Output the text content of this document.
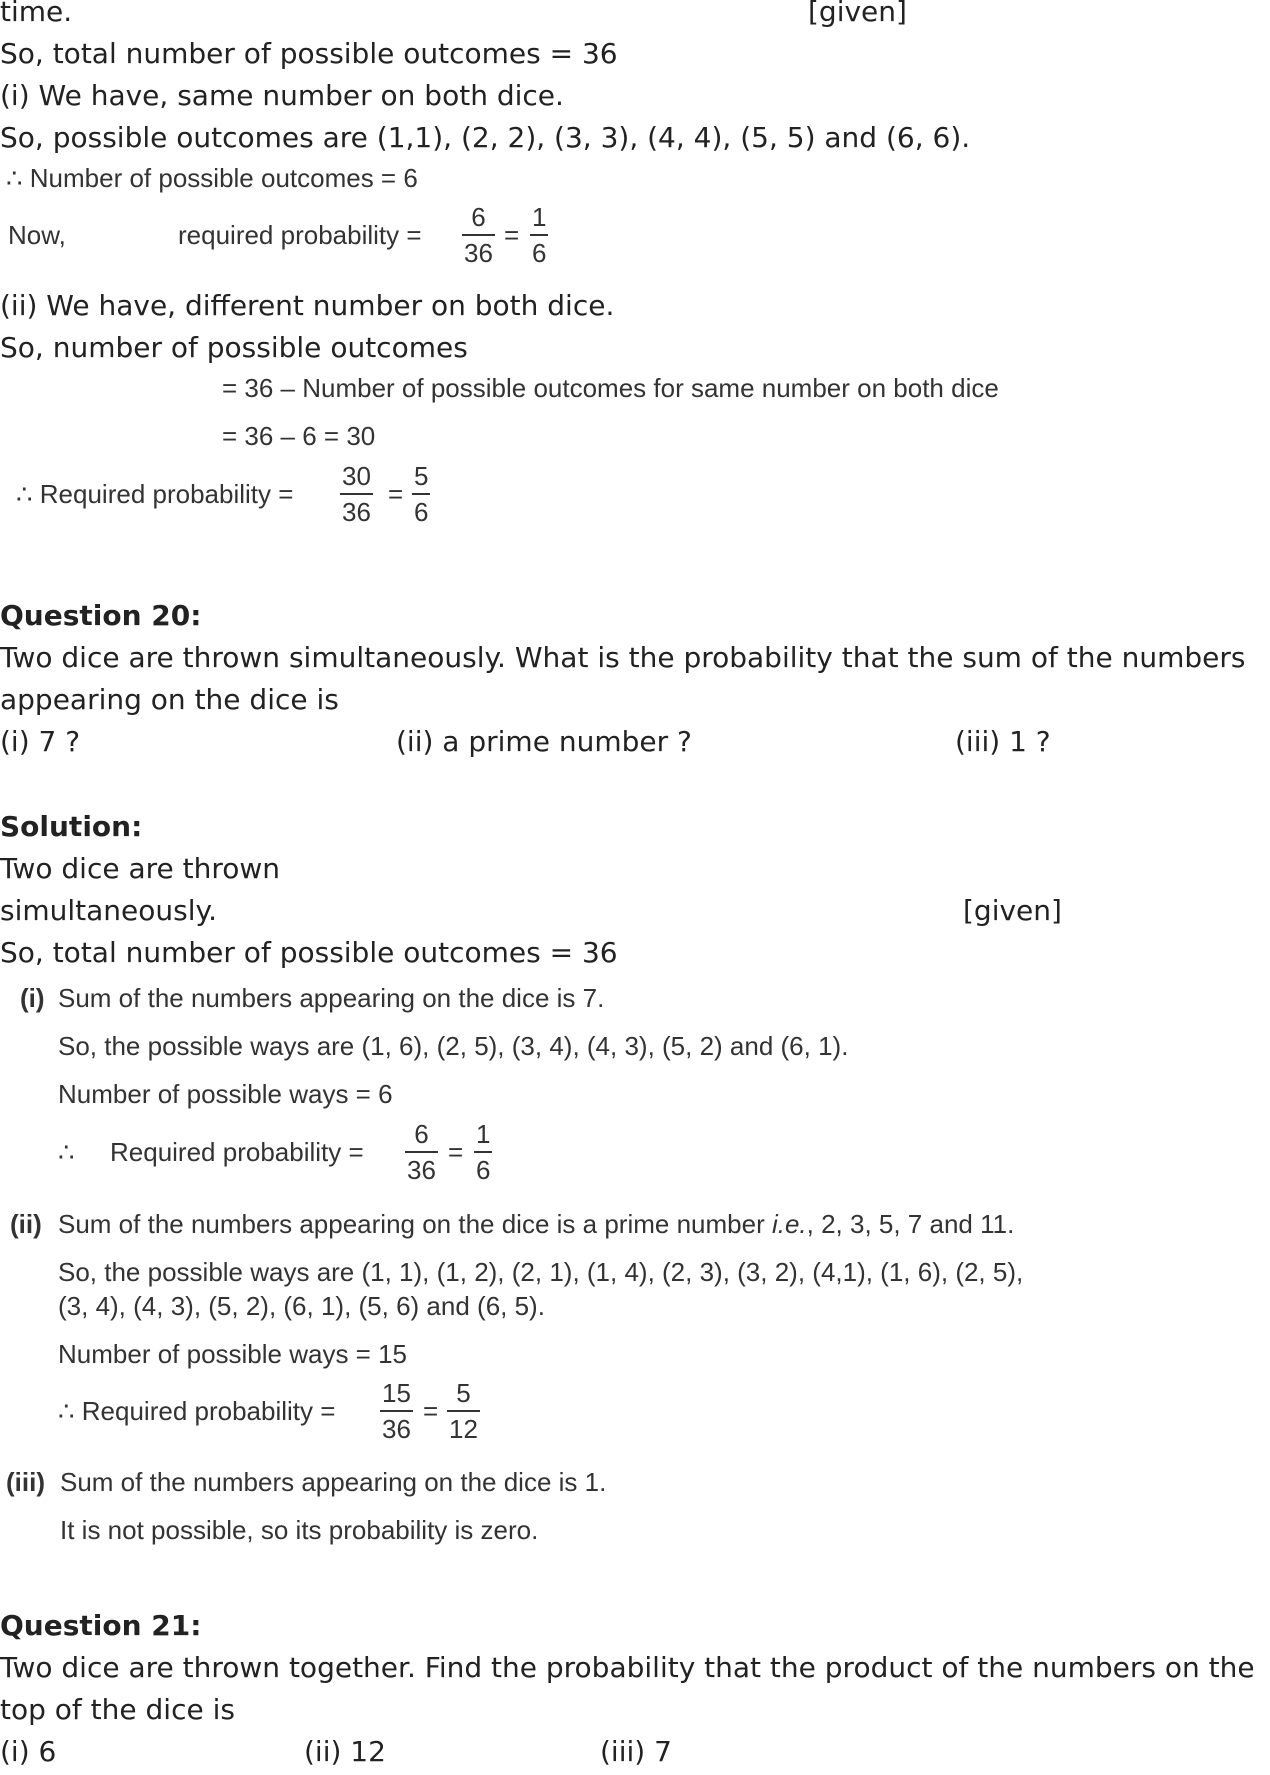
time.	[given]
So, total number of possible outcomes = 36
(i) We have, same number on both dice.
So, possible outcomes are (1,1), (2, 2), (3, 3), (4, 4), (5, 5) and (6, 6).
∴ Number of possible outcomes = 6
Now,	required probability =
6
36
=
1
6
(ii) We have, different number on both dice.
So, number of possible outcomes
= 36 – Number of possible outcomes for same number on both dice
= 36 – 6 = 30
∴ Required probability =
30
36
=
5
6
Question 20:
Two dice are thrown simultaneously. What is the probability that the sum of the numbers
appearing on the dice is
(i) 7 ?	(ii) a prime number ?	(iii) 1 ?
Solution:
Two dice are thrown
simultaneously.	[given]
So, total number of possible outcomes = 36
(i) Sum of the numbers appearing on the dice is 7.
So, the possible ways are (1, 6), (2, 5), (3, 4), (4, 3), (5, 2) and (6, 1).
Number of possible ways = 6
∴ Required probability =
6
36
=
1
6
(ii) Sum of the numbers appearing on the dice is a prime number i.e., 2, 3, 5, 7 and 11.
So, the possible ways are (1, 1), (1, 2), (2, 1), (1, 4), (2, 3), (3, 2), (4,1), (1, 6), (2, 5),
(3, 4), (4, 3), (5, 2), (6, 1), (5, 6) and (6, 5).
Number of possible ways = 15
∴ Required probability =
15
36
=
5
12
(iii) Sum of the numbers appearing on the dice is 1.
It is not possible, so its probability is zero.
Question 21:
Two dice are thrown together. Find the probability that the product of the numbers on the
top of the dice is
(i) 6	(ii) 12	(iii) 7
